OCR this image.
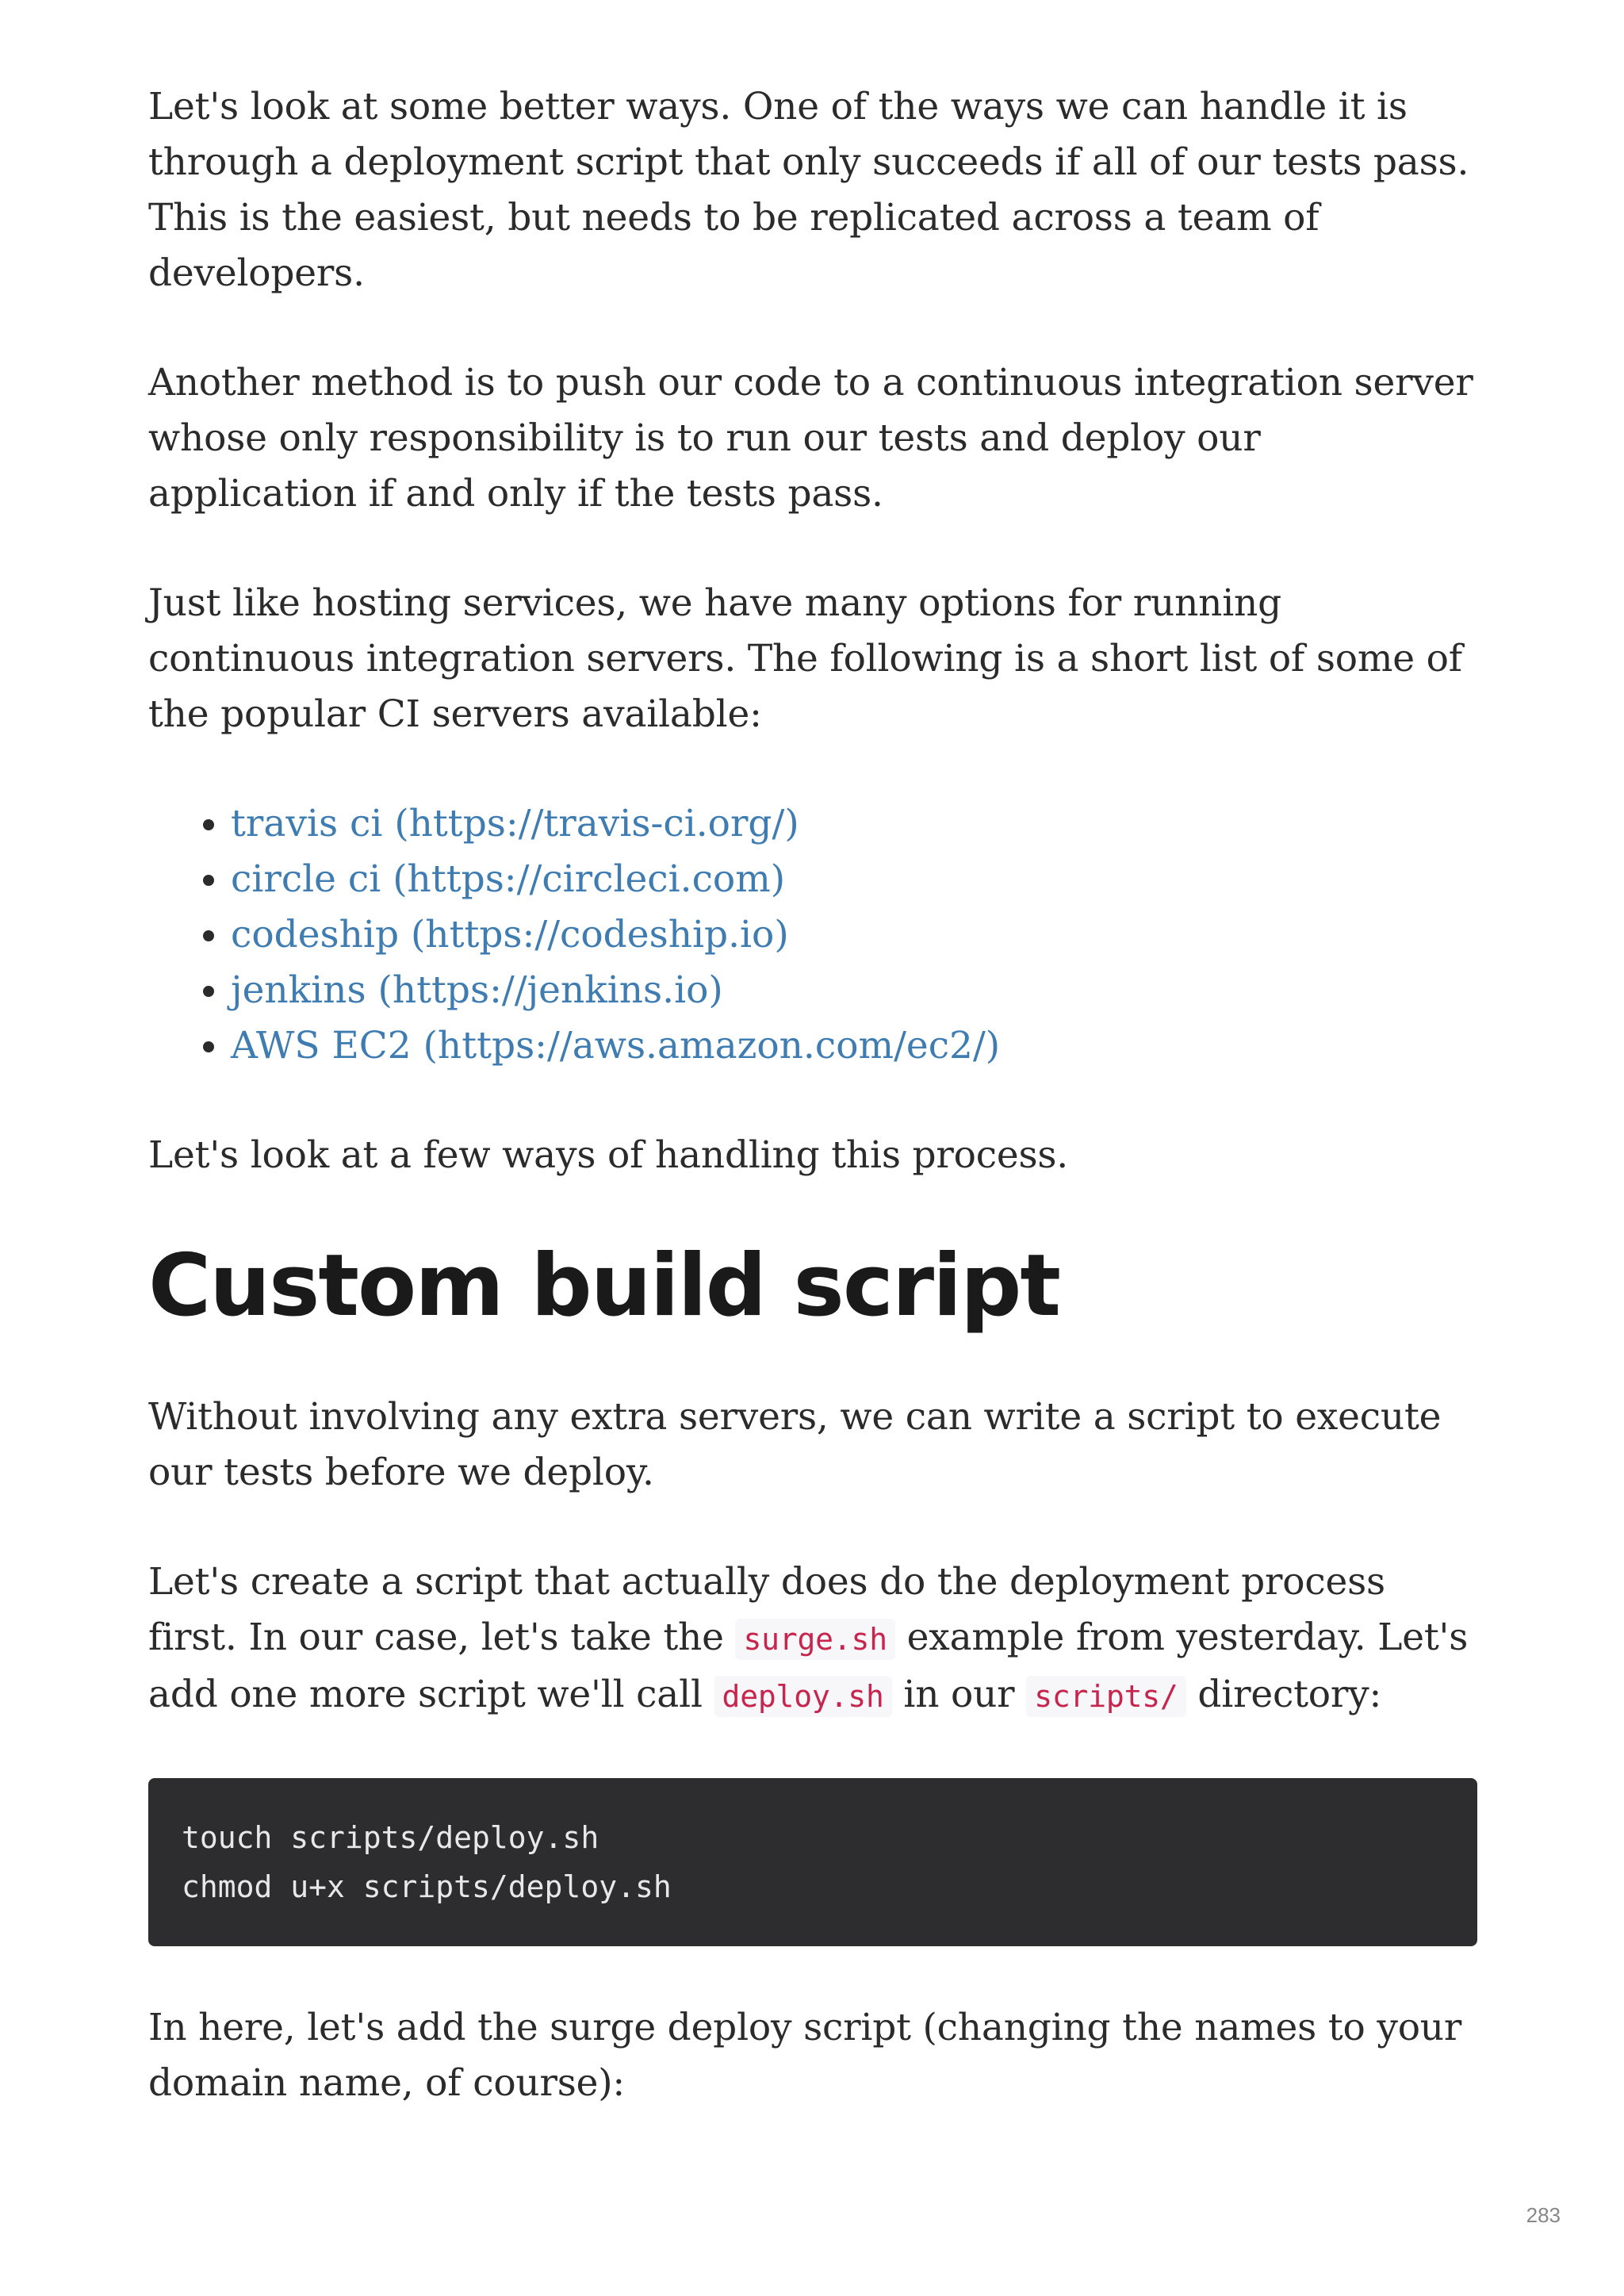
Let's look at some better ways. One of the ways we can handle it is through a deployment script that only succeeds if all of our tests pass. This is the easiest, but needs to be replicated across a team of developers.

Another method is to push our code to a continuous integration server whose only responsibility is to run our tests and deploy our application if and only if the tests pass.

Just like hosting services, we have many options for running continuous integration servers. The following is a short list of some of the popular CI servers available:

• travis ci (https://travis-ci.org/)
• circle ci (https://circleci.com)
• codeship (https://codeship.io)
• jenkins (https://jenkins.io)
• AWS EC2 (https://aws.amazon.com/ec2/)

Let's look at a few ways of handling this process.

Custom build script

Without involving any extra servers, we can write a script to execute our tests before we deploy.

Let's create a script that actually does do the deployment process first. In our case, let's take the surge.sh example from yesterday. Let's add one more script we'll call deploy.sh in our scripts/ directory:

touch scripts/deploy.sh
chmod u+x scripts/deploy.sh

In here, let's add the surge deploy script (changing the names to your domain name, of course):

283
